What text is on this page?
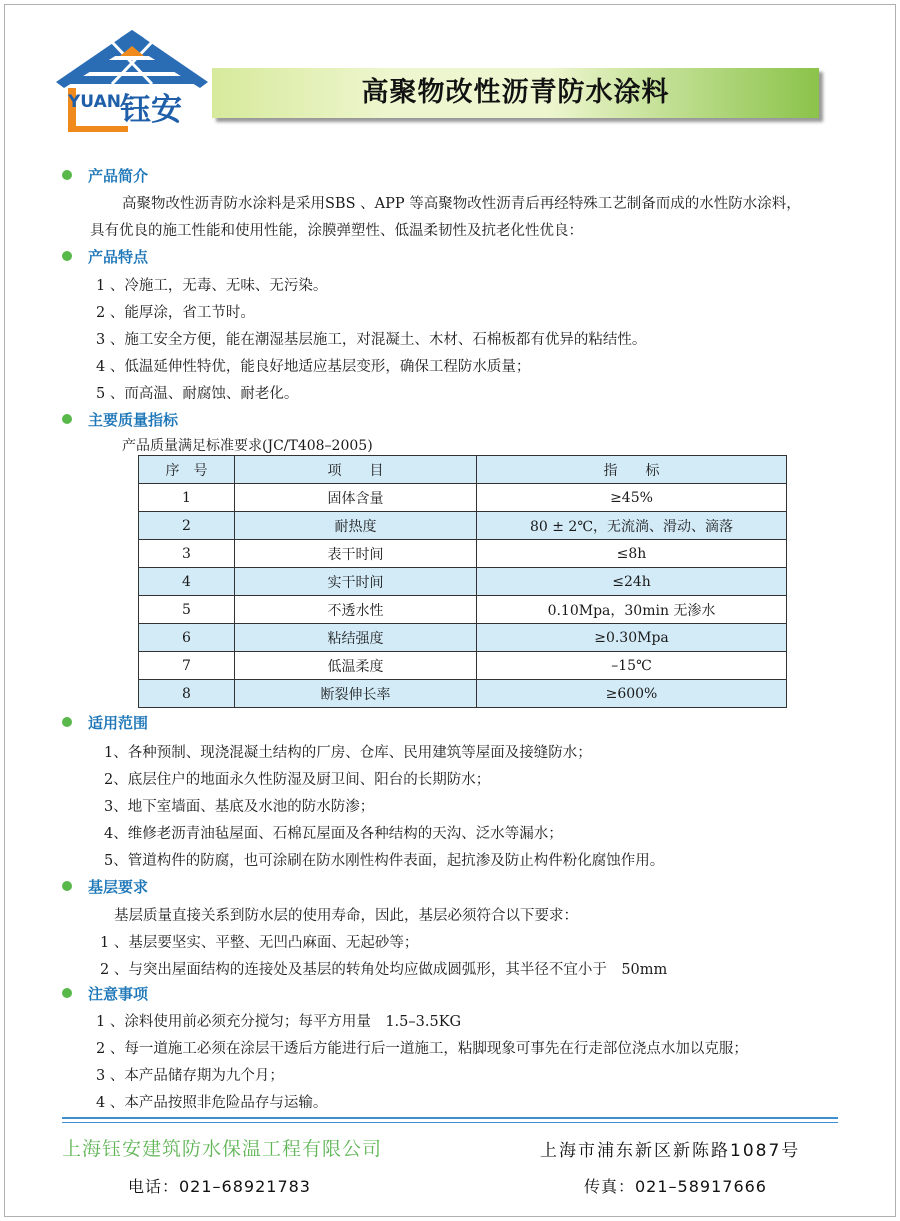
YUAN 钰安	高聚物改性沥青防水涂料
产品简介
高聚物改性沥青防水涂料是采用SBS 、APP 等高聚物改性沥青后再经特殊工艺制备而成的水性防水涂料，
具有优良的施工性能和使用性能，涂膜弹塑性、低温柔韧性及抗老化性优良：
产品特点
1 、冷施工，无毒、无味、无污染。
2 、能厚涂，省工节时。
3 、施工安全方便，能在潮湿基层施工，对混凝土、木材、石棉板都有优异的粘结性。
4 、低温延伸性特优，能良好地适应基层变形，确保工程防水质量；
5 、而高温、耐腐蚀、耐老化。
主要质量指标
产品质量满足标准要求(JC/T408–2005)
序　号	项　　目	指　　标
1	固体含量	≥45%
2	耐热度	80 ± 2℃，无流淌、滑动、滴落
3	表干时间	≤8h
4	实干时间	≤24h
5	不透水性	0.10Mpa，30min 无渗水
6	粘结强度	≥0.30Mpa
7	低温柔度	–15℃
8	断裂伸长率	≥600%
适用范围
1、各种预制、现浇混凝土结构的厂房、仓库、民用建筑等屋面及接缝防水；
2、底层住户的地面永久性防湿及厨卫间、阳台的长期防水；
3、地下室墙面、基底及水池的防水防渗；
4、维修老沥青油毡屋面、石棉瓦屋面及各种结构的天沟、泛水等漏水；
5、管道构件的防腐，也可涂刷在防水刚性构件表面，起抗渗及防止构件粉化腐蚀作用。
基层要求
基层质量直接关系到防水层的使用寿命，因此，基层必须符合以下要求：
1 、基层要坚实、平整、无凹凸麻面、无起砂等；
2 、与突出屋面结构的连接处及基层的转角处均应做成圆弧形，其半径不宜小于　50mm
注意事项
1 、涂料使用前必须充分搅匀；每平方用量　1.5–3.5KG
2 、每一道施工必须在涂层干透后方能进行后一道施工，粘脚现象可事先在行走部位浇点水加以克服；
3 、本产品储存期为九个月；
4 、本产品按照非危险品存与运输。
上海钰安建筑防水保温工程有限公司	上海市浦东新区新陈路1087号
电话：021–68921783	传真：021–58917666
